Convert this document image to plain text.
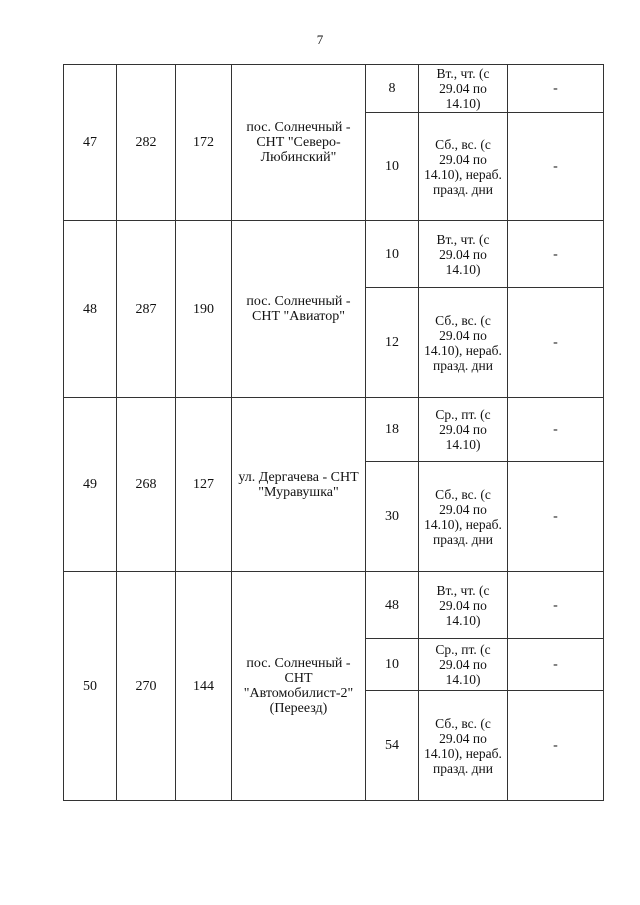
7
47	282	172	пос. Солнечный - СНТ "Северо-Любинский"	8	Вт., чт. (с 29.04 по 14.10)	-
				10	Сб., вс. (с 29.04 по 14.10), нераб. празд. дни	-
48	287	190	пос. Солнечный - СНТ "Авиатор"	10	Вт., чт. (с 29.04 по 14.10)	-
				12	Сб., вс. (с 29.04 по 14.10), нераб. празд. дни	-
49	268	127	ул. Дергачева - СНТ "Муравушка"	18	Ср., пт. (с 29.04 по 14.10)	-
				30	Сб., вс. (с 29.04 по 14.10), нераб. празд. дни	-
50	270	144	пос. Солнечный - СНТ "Автомобилист-2" (Переезд)	48	Вт., чт. (с 29.04 по 14.10)	-
				10	Ср., пт. (с 29.04 по 14.10)	-
				54	Сб., вс. (с 29.04 по 14.10), нераб. празд. дни	-
